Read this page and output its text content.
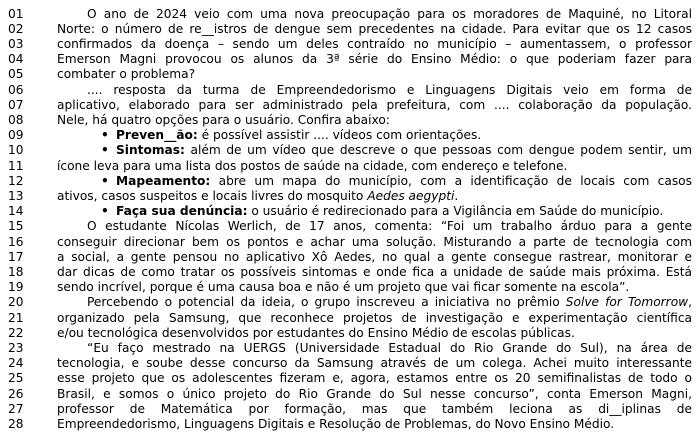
01	O ano de 2024 veio com uma nova preocupação para os moradores de Maquiné, no Litoral
02	Norte: o número de re__istros de dengue sem precedentes na cidade. Para evitar que os 12 casos
03	confirmados da doença – sendo um deles contraído no município – aumentassem, o professor
04	Emerson Magni provocou os alunos da 3ª série do Ensino Médio: o que poderiam fazer para
05	combater o problema?
06	.... resposta da turma de Empreendedorismo e Linguagens Digitais veio em forma de
07	aplicativo, elaborado para ser administrado pela prefeitura, com .... colaboração da população.
08	Nele, há quatro opções para o usuário. Confira abaixo:
09	• Preven__ão: é possível assistir .... vídeos com orientações.
10	• Sintomas: além de um vídeo que descreve o que pessoas com dengue podem sentir, um
11	ícone leva para uma lista dos postos de saúde na cidade, com endereço e telefone.
12	• Mapeamento: abre um mapa do município, com a identificação de locais com casos
13	ativos, casos suspeitos e locais livres do mosquito Aedes aegypti.
14	• Faça sua denúncia: o usuário é redirecionado para a Vigilância em Saúde do município.
15	O estudante Nícolas Werlich, de 17 anos, comenta: “Foi um trabalho árduo para a gente
16	conseguir direcionar bem os pontos e achar uma solução. Misturando a parte de tecnologia com
17	a social, a gente pensou no aplicativo Xô Aedes, no qual a gente consegue rastrear, monitorar e
18	dar dicas de como tratar os possíveis sintomas e onde fica a unidade de saúde mais próxima. Está
19	sendo incrível, porque é uma causa boa e não é um projeto que vai ficar somente na escola”.
20	Percebendo o potencial da ideia, o grupo inscreveu a iniciativa no prêmio Solve for Tomorrow,
21	organizado pela Samsung, que reconhece projetos de investigação e experimentação científica
22	e/ou tecnológica desenvolvidos por estudantes do Ensino Médio de escolas públicas.
23	“Eu faço mestrado na UERGS (Universidade Estadual do Rio Grande do Sul), na área de
24	tecnologia, e soube desse concurso da Samsung através de um colega. Achei muito interessante
25	esse projeto que os adolescentes fizeram e, agora, estamos entre os 20 semifinalistas de todo o
26	Brasil, e somos o único projeto do Rio Grande do Sul nesse concurso”, conta Emerson Magni,
27	professor de Matemática por formação, mas que também leciona as di__iplinas de
28	Empreendedorismo, Linguagens Digitais e Resolução de Problemas, do Novo Ensino Médio.
